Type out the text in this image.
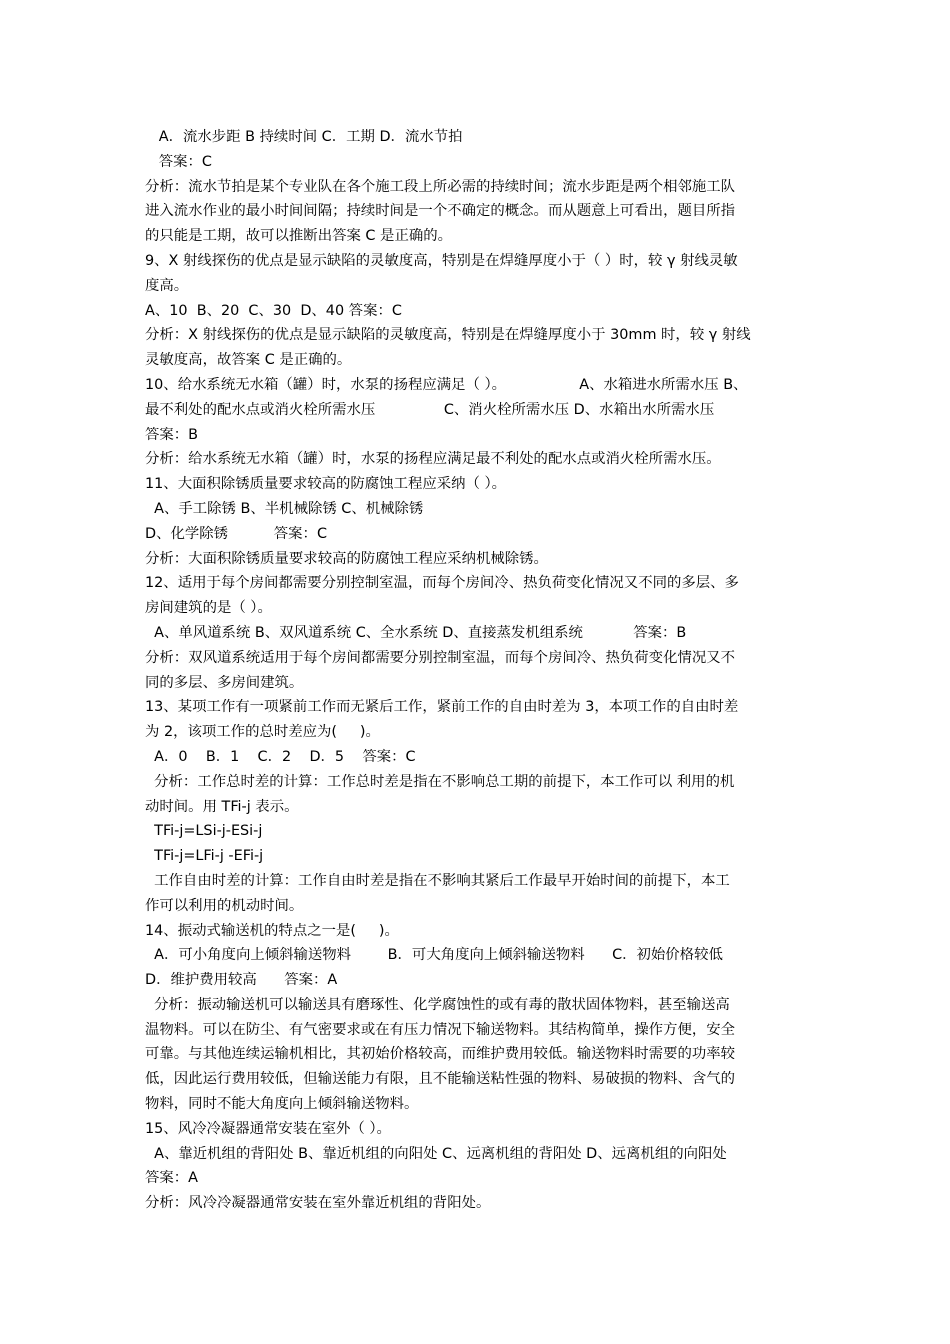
A．流水步距 B 持续时间 C．工期 D．流水节拍
答案：C
分析：流水节拍是某个专业队在各个施工段上所必需的持续时间；流水步距是两个相邻施工队
进入流水作业的最小时间间隔；持续时间是一个不确定的概念。而从题意上可看出，题目所指
的只能是工期，故可以推断出答案 C 是正确的。
9、X 射线探伤的优点是显示缺陷的灵敏度高，特别是在焊缝厚度小于（ ）时，较 γ 射线灵敏
度高。
A、10  B、20  C、30  D、40 答案：C
分析：X 射线探伤的优点是显示缺陷的灵敏度高，特别是在焊缝厚度小于 30mm 时，较 γ 射线
灵敏度高，故答案 C 是正确的。
10、给水系统无水箱（罐）时，水泵的扬程应满足（ ）。                A、水箱进水所需水压 B、
最不利处的配水点或消火栓所需水压               C、消火栓所需水压 D、水箱出水所需水压
答案：B
分析：给水系统无水箱（罐）时，水泵的扬程应满足最不利处的配水点或消火栓所需水压。
11、大面积除锈质量要求较高的防腐蚀工程应采纳（ ）。
A、手工除锈 B、半机械除锈 C、机械除锈
D、化学除锈          答案：C
分析：大面积除锈质量要求较高的防腐蚀工程应采纳机械除锈。
12、适用于每个房间都需要分别控制室温，而每个房间冷、热负荷变化情况又不同的多层、多
房间建筑的是（ ）。
A、单风道系统 B、双风道系统 C、全水系统 D、直接蒸发机组系统           答案：B
分析：双风道系统适用于每个房间都需要分别控制室温，而每个房间冷、热负荷变化情况又不
同的多层、多房间建筑。
13、某项工作有一项紧前工作而无紧后工作，紧前工作的自由时差为 3，本项工作的自由时差
为 2，该项工作的总时差应为(     )。
A．0    B．1    C．2    D．5    答案：C
分析：工作总时差的计算：工作总时差是指在不影响总工期的前提下，本工作可以 利用的机
动时间。用 TFi-j 表示。
TFi-j=LSi-j-ESi-j
TFi-j=LFi-j -EFi-j
工作自由时差的计算：工作自由时差是指在不影响其紧后工作最早开始时间的前提下，本工
作可以利用的机动时间。
14、振动式输送机的特点之一是(     )。
A．可小角度向上倾斜输送物料        B．可大角度向上倾斜输送物料      C．初始价格较低
D．维护费用较高      答案：A
分析：振动输送机可以输送具有磨琢性、化学腐蚀性的或有毒的散状固体物料，甚至输送高
温物料。可以在防尘、有气密要求或在有压力情况下输送物料。其结构简单，操作方便，安全
可靠。与其他连续运输机相比，其初始价格较高，而维护费用较低。输送物料时需要的功率较
低，因此运行费用较低，但输送能力有限，且不能输送粘性强的物料、易破损的物料、含气的
物料，同时不能大角度向上倾斜输送物料。
15、风冷冷凝器通常安装在室外（ ）。
A、靠近机组的背阳处 B、靠近机组的向阳处 C、远离机组的背阳处 D、远离机组的向阳处
答案：A
分析：风冷冷凝器通常安装在室外靠近机组的背阳处。
